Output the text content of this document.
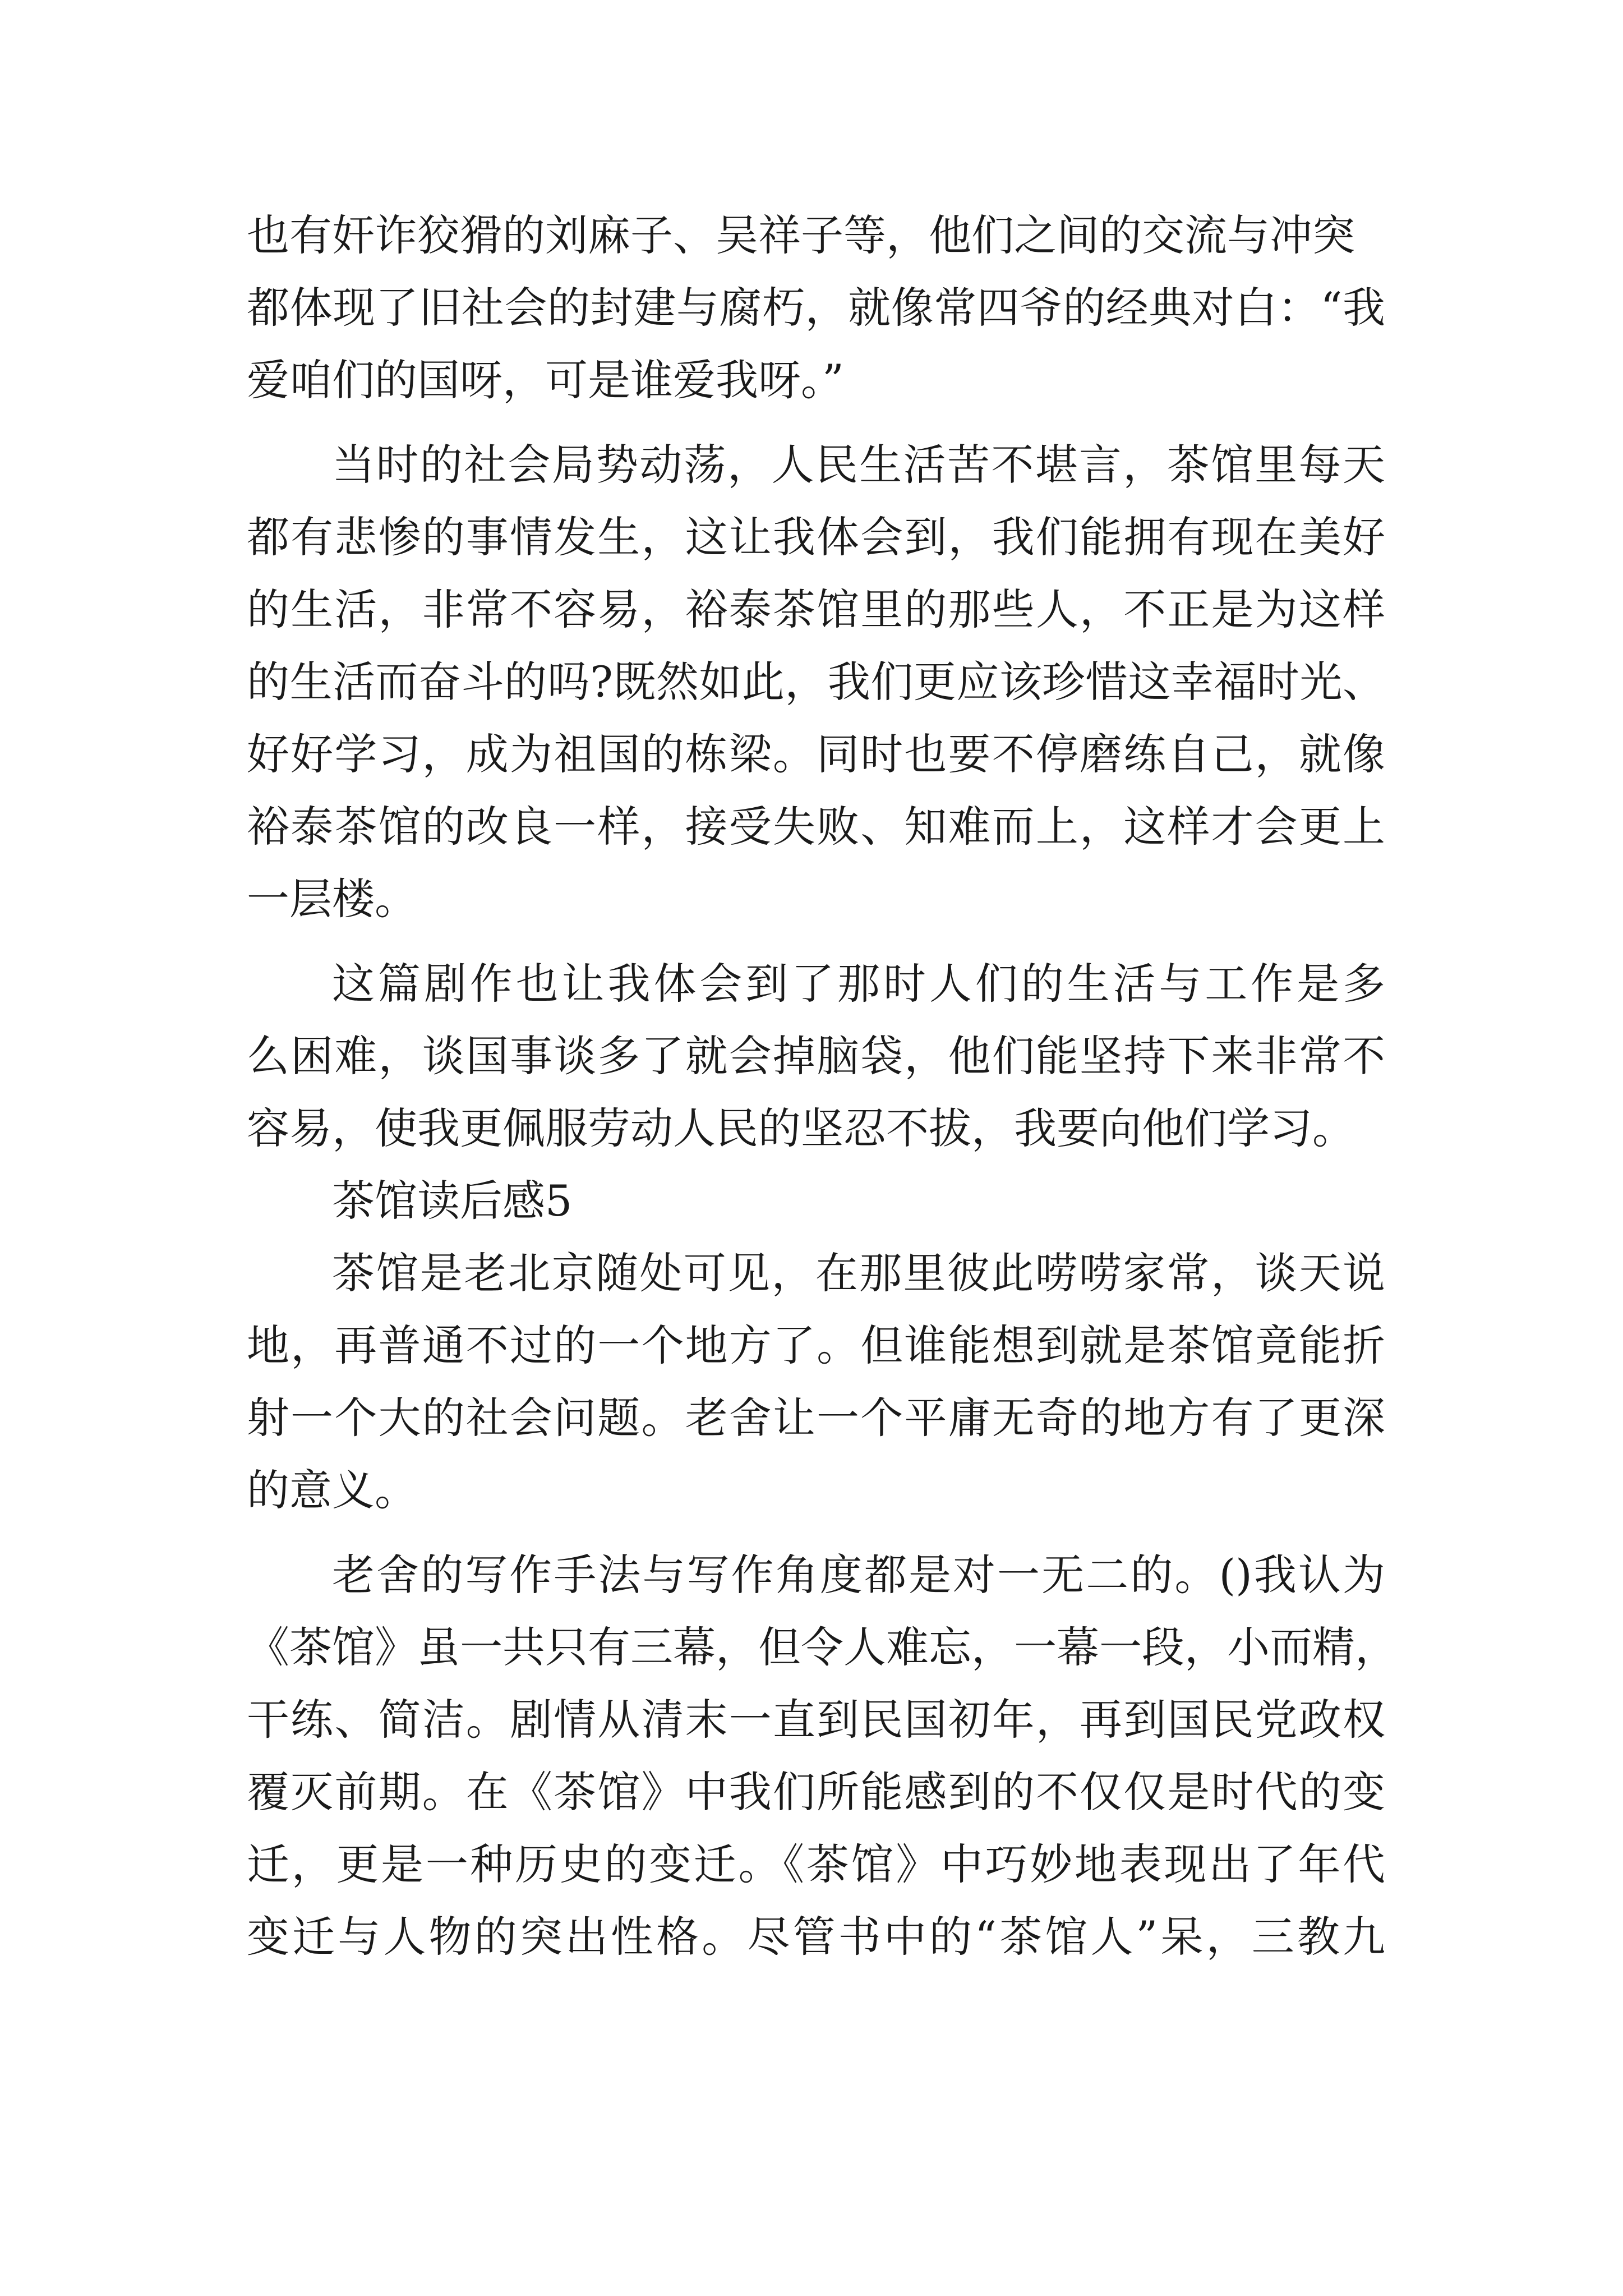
也有奸诈狡猾的刘麻子、吴祥子等，他们之间的交流与冲突
都体现了旧社会的封建与腐朽，就像常四爷的经典对白：“我
爱咱们的国呀，可是谁爱我呀。”
当时的社会局势动荡，人民生活苦不堪言，茶馆里每天
都有悲惨的事情发生，这让我体会到，我们能拥有现在美好
的生活，非常不容易，裕泰茶馆里的那些人，不正是为这样
的生活而奋斗的吗?既然如此，我们更应该珍惜这幸福时光、
好好学习，成为祖国的栋梁。同时也要不停磨练自己，就像
裕泰茶馆的改良一样，接受失败、知难而上，这样才会更上
一层楼。
这篇剧作也让我体会到了那时人们的生活与工作是多
么困难，谈国事谈多了就会掉脑袋，他们能坚持下来非常不
容易，使我更佩服劳动人民的坚忍不拔，我要向他们学习。
茶馆读后感5
茶馆是老北京随处可见，在那里彼此唠唠家常，谈天说
地，再普通不过的一个地方了。但谁能想到就是茶馆竟能折
射一个大的社会问题。老舍让一个平庸无奇的地方有了更深
的意义。
老舍的写作手法与写作角度都是对一无二的。()我认为
《茶馆》虽一共只有三幕，但令人难忘，一幕一段，小而精，
干练、简洁。剧情从清末一直到民国初年，再到国民党政权
覆灭前期。在《茶馆》中我们所能感到的不仅仅是时代的变
迁，更是一种历史的变迁。《茶馆》中巧妙地表现出了年代
变迁与人物的突出性格。尽管书中的“茶馆人”呆，三教九
